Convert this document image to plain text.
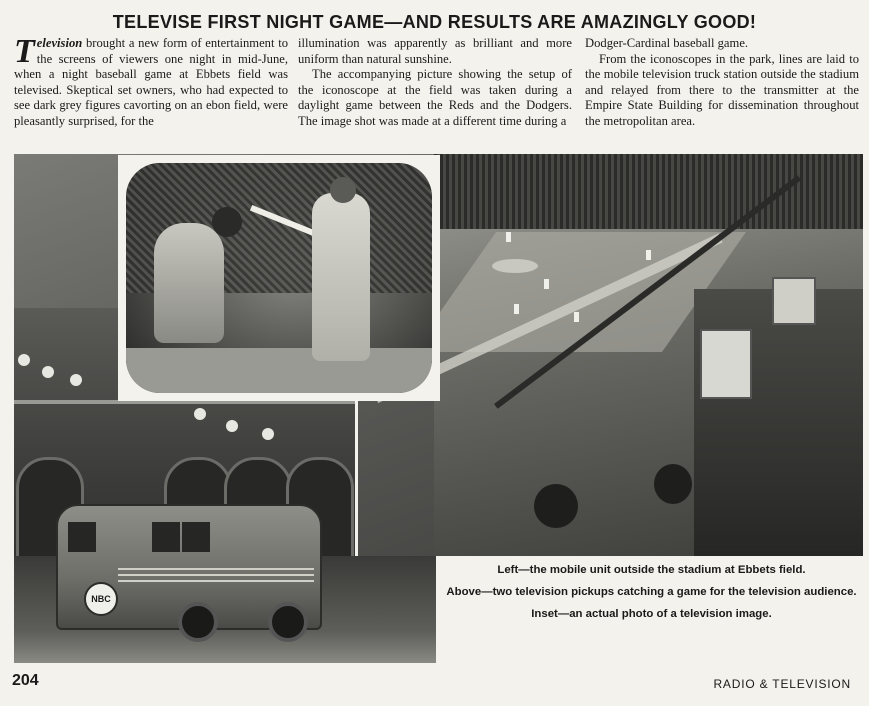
TELEVISE FIRST NIGHT GAME—AND RESULTS ARE AMAZINGLY GOOD!

Television brought a new form of entertainment to the screens of viewers one night in mid-June, when a night baseball game at Ebbets field was televised. Skeptical set owners, who had expected to see dark grey figures cavorting on an ebon field, were pleasantly surprised, for the

illumination was apparently as brilliant and more uniform than natural sunshine.

The accompanying picture showing the setup of the iconoscope at the field was taken during a daylight game between the Reds and the Dodgers. The image shot was made at a different time during a

Dodger-Cardinal baseball game.

From the iconoscopes in the park, lines are laid to the mobile television truck station outside the stadium and relayed from there to the transmitter at the Empire State Building for dissemination throughout the metropolitan area.

NBC

Left—the mobile unit outside the stadium at Ebbets field.

Above—two television pickups catching a game for the television audience.

Inset—an actual photo of a television image.

204	RADIO & TELEVISION
